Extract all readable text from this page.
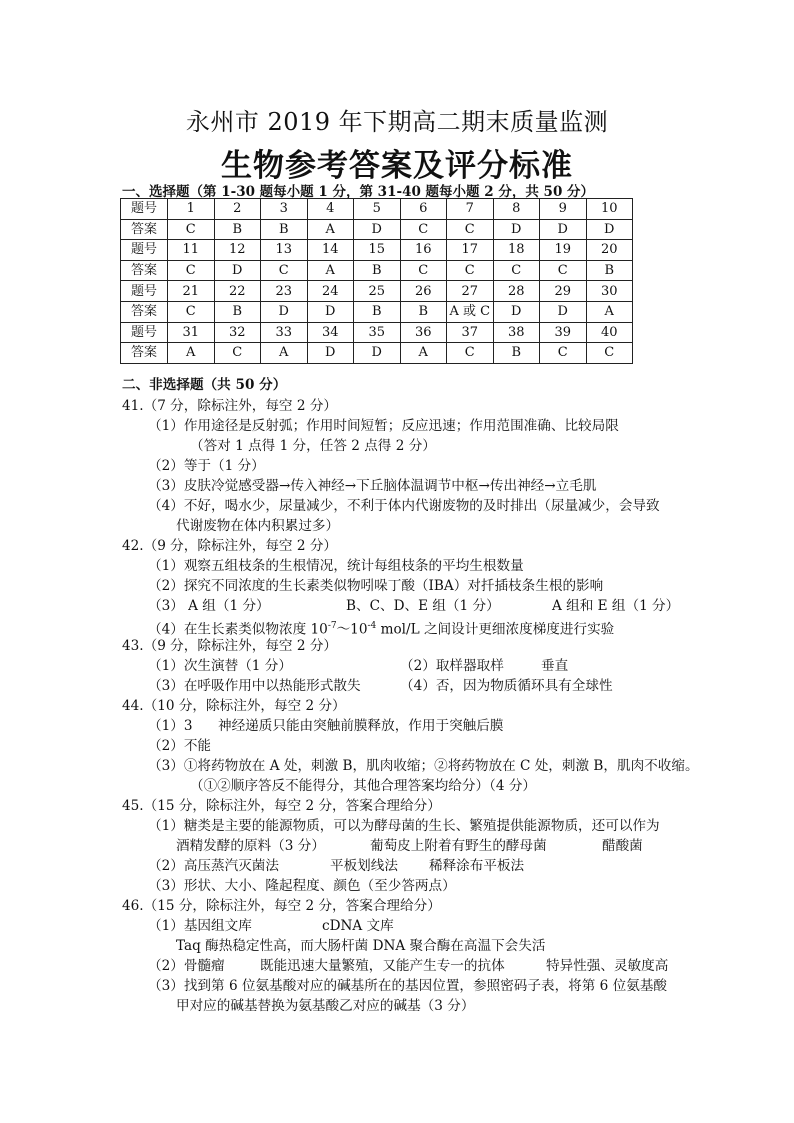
永州市 2019 年下期高二期末质量监测
生物参考答案及评分标准
一、选择题（第 1-30 题每小题 1 分，第 31-40 题每小题 2 分，共 50 分）
题号	1	2	3	4	5	6	7	8	9	10
答案	C	B	B	A	D	C	C	D	D	D
题号	11	12	13	14	15	16	17	18	19	20
答案	C	D	C	A	B	C	C	C	C	B
题号	21	22	23	24	25	26	27	28	29	30
答案	C	B	D	D	B	B	A 或 C	D	D	A
题号	31	32	33	34	35	36	37	38	39	40
答案	A	C	A	D	D	A	C	B	C	C
二、非选择题（共 50 分）
41.（7 分，除标注外，每空 2 分）
（1）作用途径是反射弧；作用时间短暂；反应迅速；作用范围准确、比较局限
（答对 1 点得 1 分，任答 2 点得 2 分）
（2）等于（1 分）
（3）皮肤冷觉感受器→传入神经→下丘脑体温调节中枢→传出神经→立毛肌
（4）不好，喝水少，尿量减少，不利于体内代谢废物的及时排出（尿量减少，会导致
代谢废物在体内积累过多）
42.（9 分，除标注外，每空 2 分）
（1）观察五组枝条的生根情况，统计每组枝条的平均生根数量
（2）探究不同浓度的生长素类似物吲哚丁酸（IBA）对扦插枝条生根的影响
（3） A 组（1 分）	B、C、D、E 组（1 分）	A 组和 E 组（1 分）
（4）在生长素类似物浓度 $10^{-7}\sim 10^{-4}$ mol/L 之间设计更细浓度梯度进行实验
43.（9 分，除标注外，每空 2 分）
（1）次生演替（1 分）	（2）取样器取样	垂直
（3）在呼吸作用中以热能形式散失	（4）否，因为物质循环具有全球性
44.（10 分，除标注外，每空 2 分）
（1）3 神经递质只能由突触前膜释放，作用于突触后膜
（2）不能
（3）①将药物放在 A 处，刺激 B，肌肉收缩；②将药物放在 C 处，刺激 B，肌肉不收缩。
（①②顺序答反不能得分，其他合理答案均给分）（4 分）
45.（15 分，除标注外，每空 2 分，答案合理给分）
（1）糖类是主要的能源物质，可以为酵母菌的生长、繁殖提供能源物质，还可以作为
酒精发酵的原料（3 分）	葡萄皮上附着有野生的酵母菌	醋酸菌
（2）高压蒸汽灭菌法	平板划线法 稀释涂布平板法
（3）形状、大小、隆起程度、颜色（至少答两点）
46.（15 分，除标注外，每空 2 分，答案合理给分）
（1）基因组文库	cDNA 文库
Taq 酶热稳定性高，而大肠杆菌 DNA 聚合酶在高温下会失活
（2）骨髓瘤	既能迅速大量繁殖，又能产生专一的抗体	特异性强、灵敏度高
（3）找到第 6 位氨基酸对应的碱基所在的基因位置，参照密码子表，将第 6 位氨基酸
甲对应的碱基替换为氨基酸乙对应的碱基（3 分）
